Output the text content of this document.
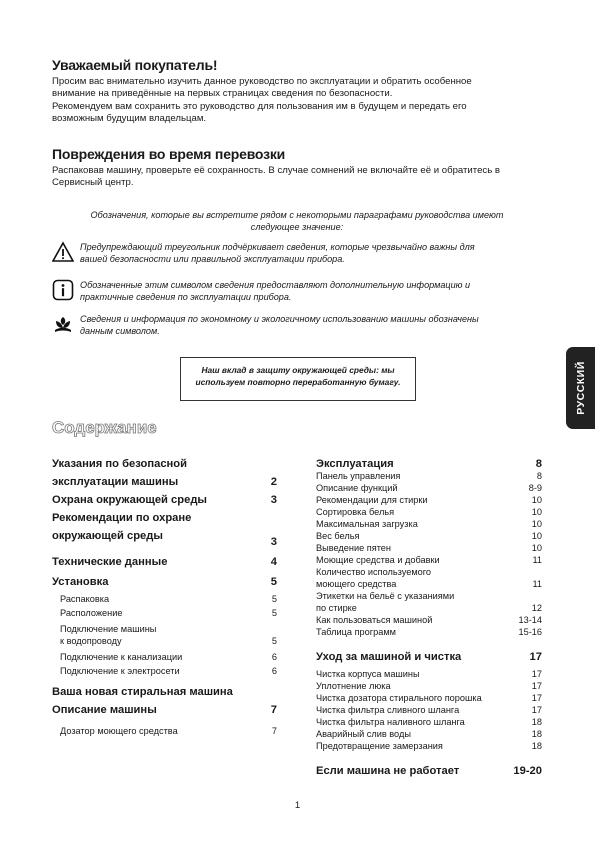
Уважаемый покупатель!
Просим вас внимательно изучить данное руководство по эксплуатации и обратить особенное
внимание на приведённые на первых страницах сведения по безопасности.
Рекомендуем вам сохранить это руководство для пользования им в будущем и передать его
возможным будущим владельцам.
Повреждения во время перевозки
Распаковав машину, проверьте её сохранность. В случае сомнений не включайте её и обратитесь в
Сервисный центр.
Обозначения, которые вы встретите рядом с некоторыми параграфами руководства имеют
следующее значение:
Предупреждающий треугольник подчёркивает сведения, которые чрезвычайно важны для
вашей безопасности или правильной эксплуатации прибора.
Обозначенные этим символом сведения предоставляют дополнительную информацию и
практичные сведения по эксплуатации прибора.
Сведения и информация по экономному и экологичному использованию машины обозначены
данным символом.
Наш вклад в защиту окружающей среды: мы
используем повторно переработанную бумагу.	РУССКИЙ
Содержание
Указания по безопасной
эксплуатации машины	2
Охрана окружающей среды	3
Рекомендации по охране
окружающей среды	3
Технические данные	4
Установка	5
Распаковка	5
Расположение	5
Подключение машины
к водопроводу	5
Подключение к канализации	6
Подключение к электросети	6
Ваша новая стиральная машина
Описание машины	7
Дозатор моющего средства	7
Эксплуатация	8
Панель управления	8
Описание функций	8-9
Рекомендации для стирки	10
Сортировка белья	10
Максимальная загрузка	10
Вес белья	10
Выведение пятен	10
Моющие средства и добавки	11
Количество используемого
моющего средства	11
Этикетки на бельё с указаниями
по стирке	12
Как пользоваться машиной	13-14
Таблица программ	15-16
Уход за машиной и чистка	17
Чистка корпуса машины	17
Уплотнение люка	17
Чистка дозатора стирального порошка	17
Чистка фильтра сливного шланга	17
Чистка фильтра наливного шланга	18
Аварийный слив воды	18
Предотвращение замерзания	18
Если машина не работает	19-20
1
